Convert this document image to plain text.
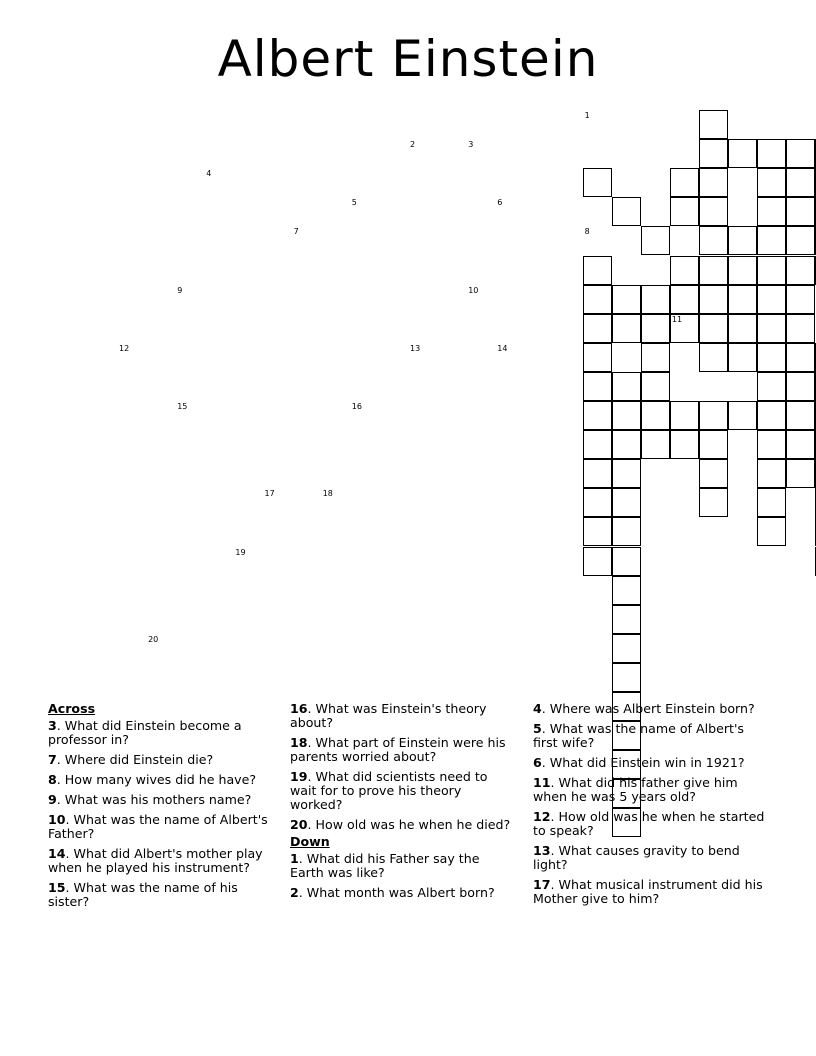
Albert Einstein
1
2	3
4
5	6
7	8
9	10
11
12	13	14
15	16
17	18
19
20
Across
3. What did Einstein become a professor in?
7. Where did Einstein die?
8. How many wives did he have?
9. What was his mothers name?
10. What was the name of Albert's Father?
14. What did Albert's mother play when he played his instrument?
15. What was the name of his sister?
16. What was Einstein's theory about?
18. What part of Einstein were his parents worried about?
19. What did scientists need to wait for to prove his theory worked?
20. How old was he when he died?
Down
1. What did his Father say the Earth was like?
2. What month was Albert born?
4. Where was Albert Einstein born?
5. What was the name of Albert's first wife?
6. What did Einstein win in 1921?
11. What did his father give him when he was 5 years old?
12. How old was he when he started to speak?
13. What causes gravity to bend light?
17. What musical instrument did his Mother give to him?
